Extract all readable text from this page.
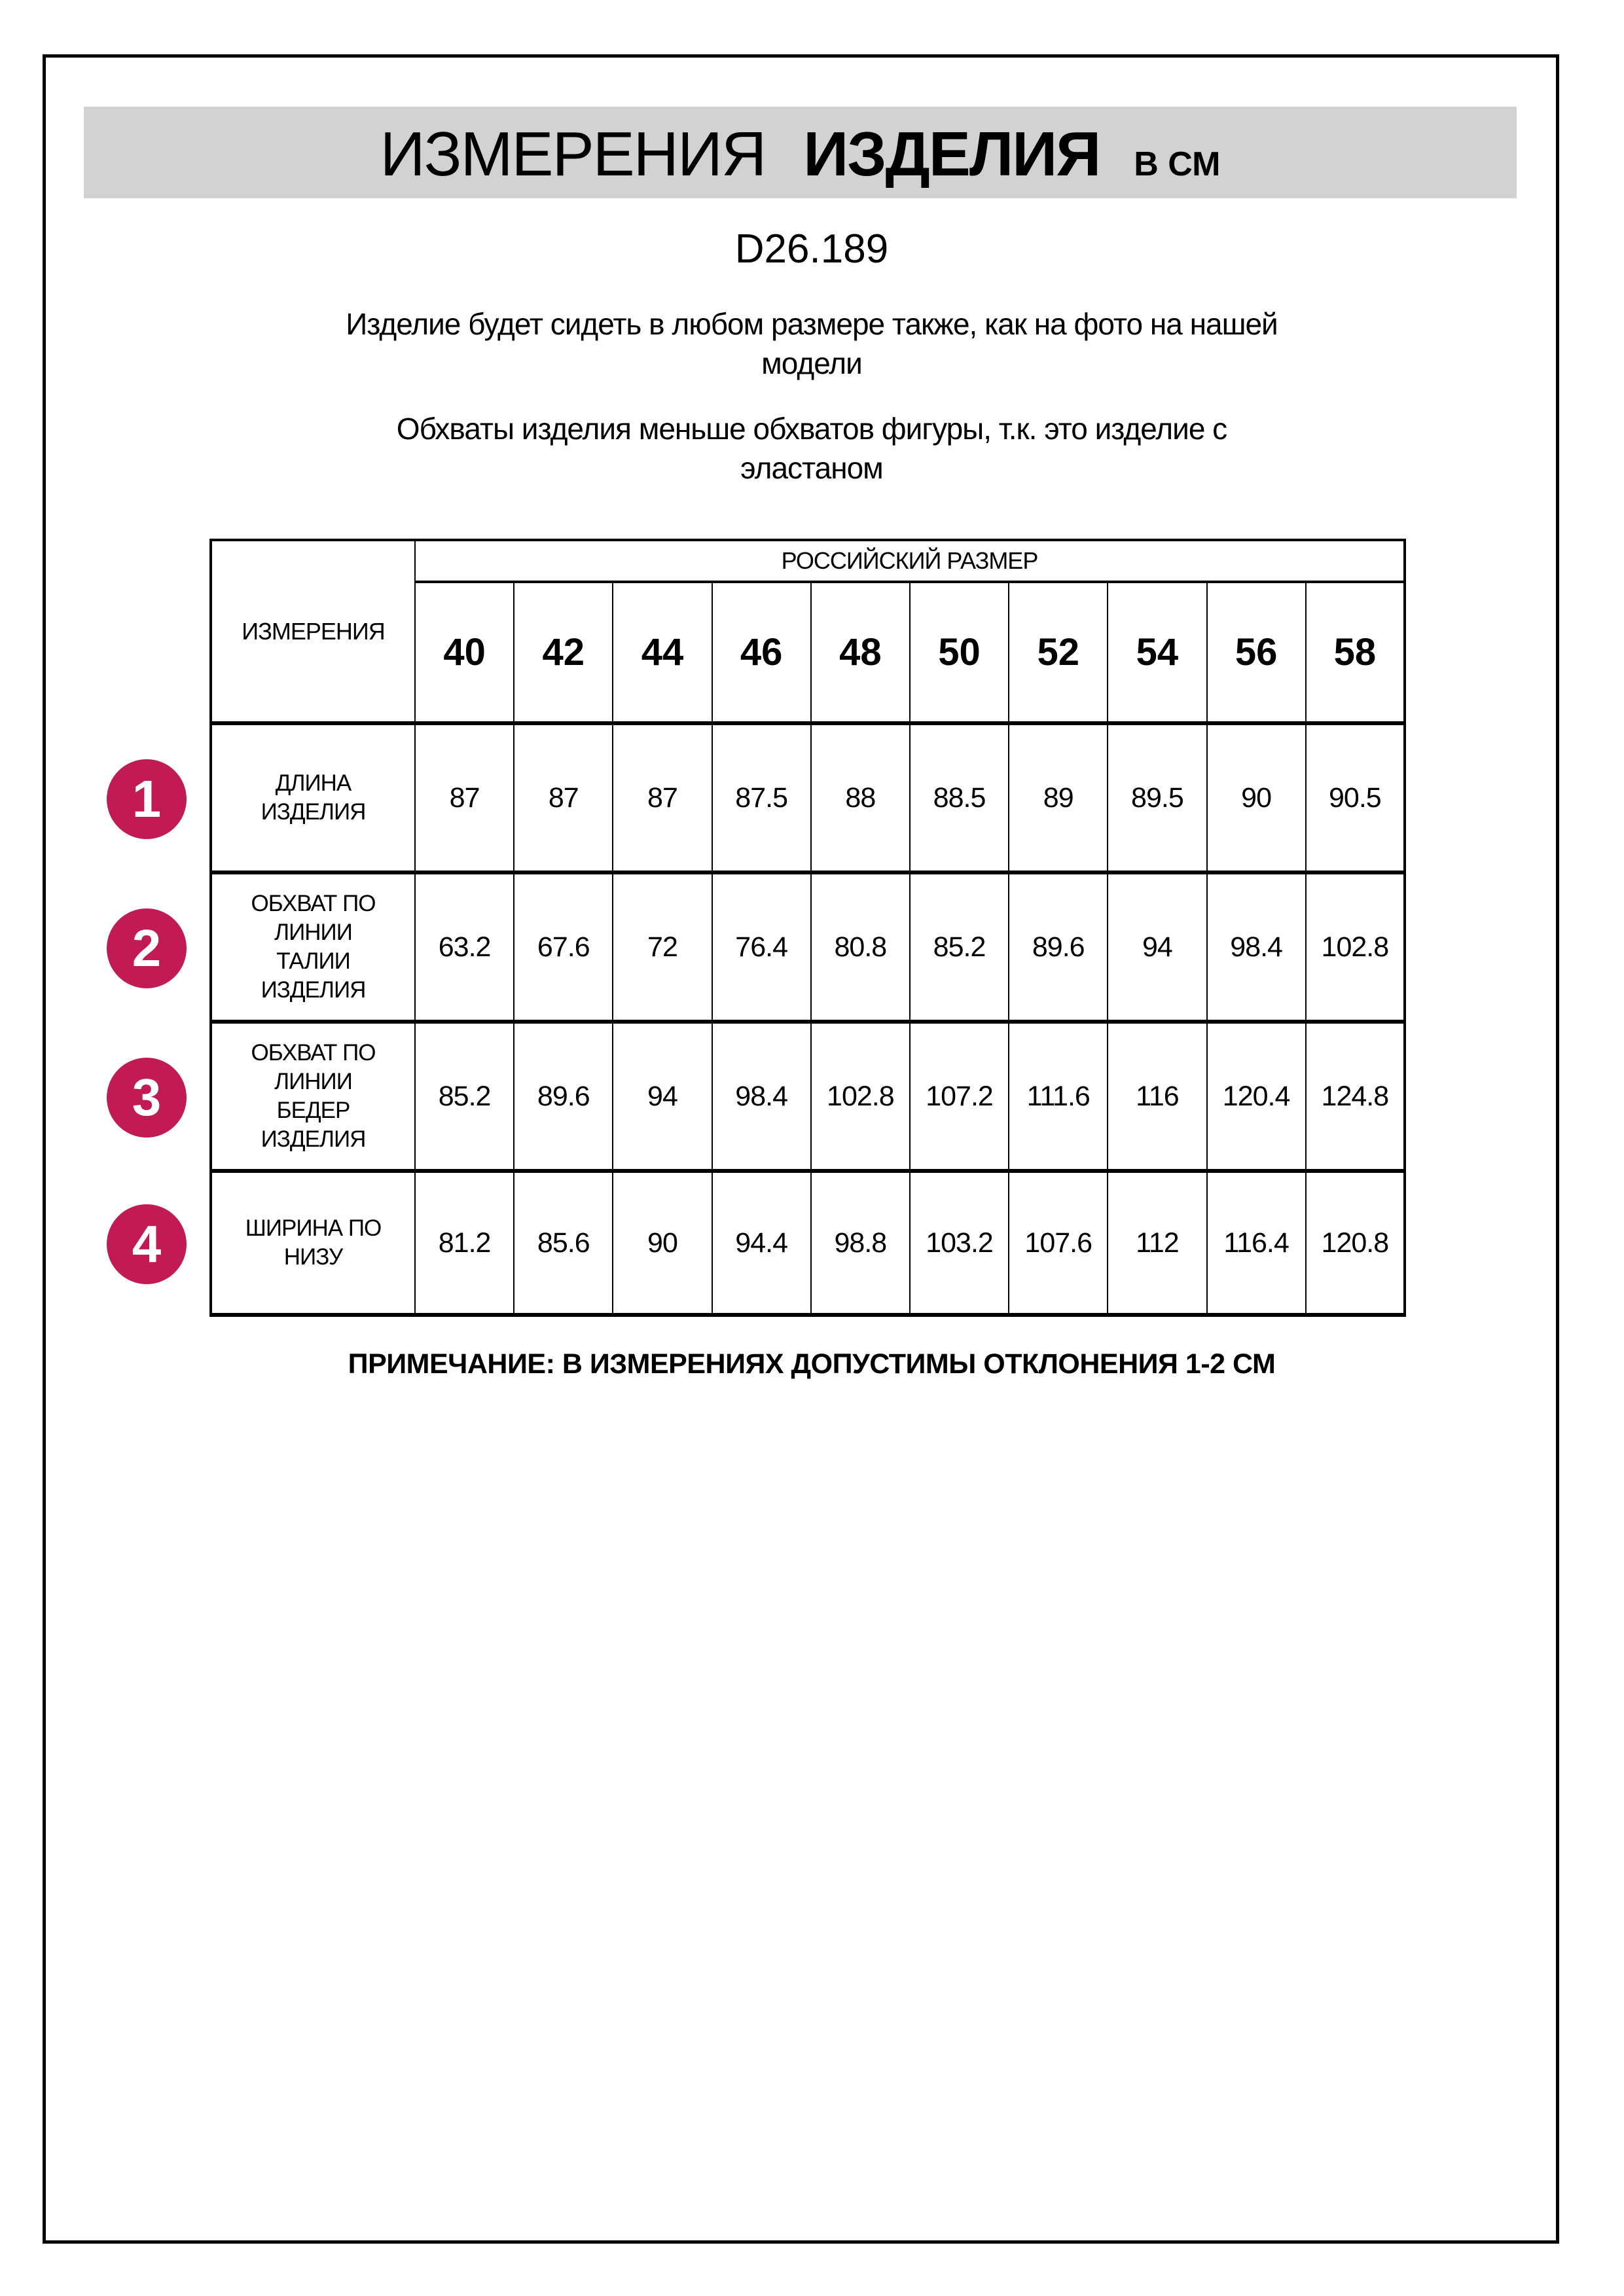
ИЗМЕРЕНИЯ ИЗДЕЛИЯ В СМ
D26.189
Изделие будет сидеть в любом размере также, как на фото на нашей
модели
Обхваты изделия меньше обхватов фигуры, т.к. это изделие с
эластаном
ИЗМЕРЕНИЯ	РОССИЙСКИЙ РАЗМЕР									
	40	42	44	46	48	50	52	54	56	58

ДЛИНА
ИЗДЕЛИЯ	87	87	87	87.5	88	88.5	89	89.5	90	90.5

ОБХВАТ ПО
ЛИНИИ
ТАЛИИ
ИЗДЕЛИЯ	63.2	67.6	72	76.4	80.8	85.2	89.6	94	98.4	102.8

ОБХВАТ ПО
ЛИНИИ
БЕДЕР
ИЗДЕЛИЯ	85.2	89.6	94	98.4	102.8	107.2	111.6	116	120.4	124.8

ШИРИНА ПО
НИЗУ	81.2	85.6	90	94.4	98.8	103.2	107.6	112	116.4	120.8
1
2
3
4
ПРИМЕЧАНИЕ: В ИЗМЕРЕНИЯХ ДОПУСТИМЫ ОТКЛОНЕНИЯ 1-2 СМ
